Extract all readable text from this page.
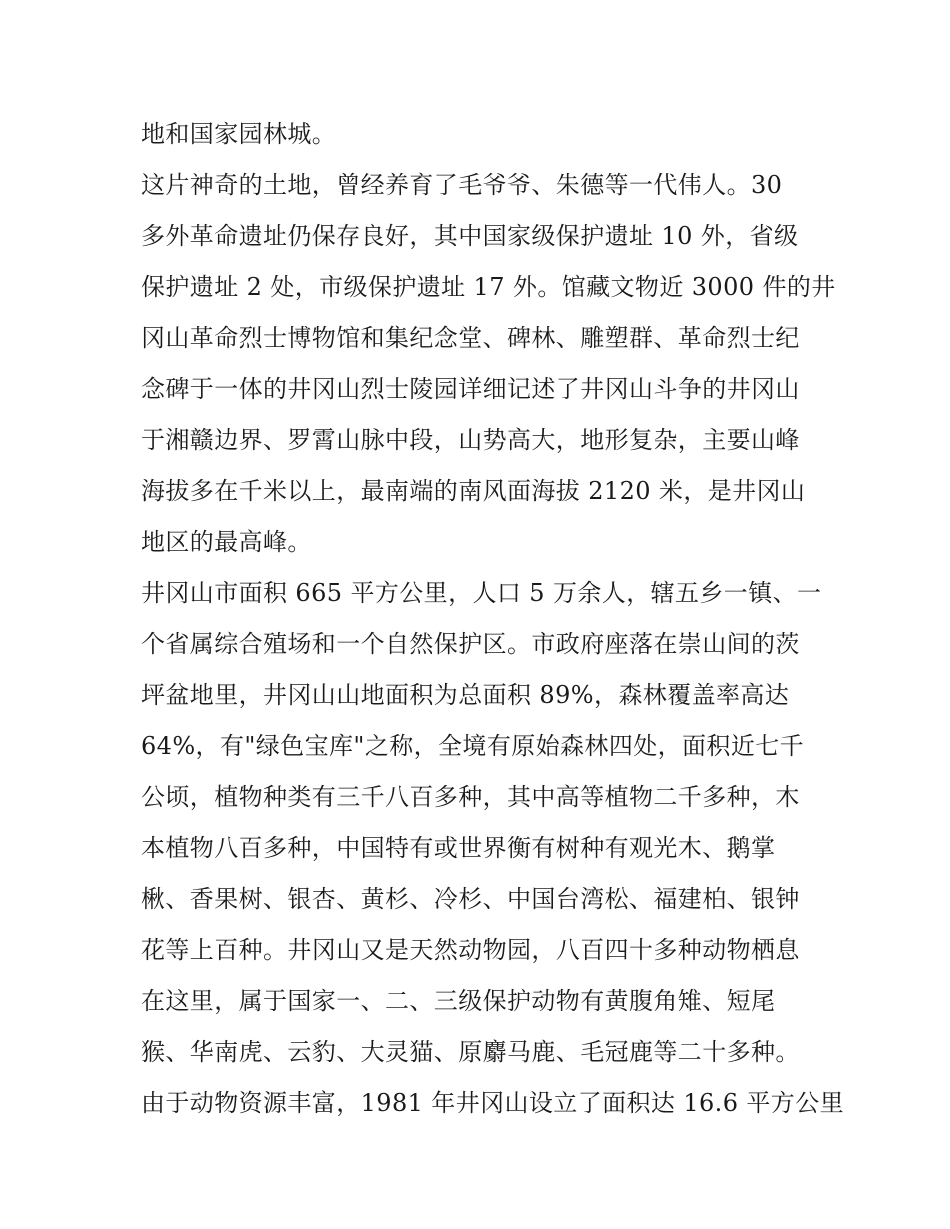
地和国家园林城。
这片神奇的土地，曾经养育了毛爷爷、朱德等一代伟人。30
多外革命遗址仍保存良好，其中国家级保护遗址 10 外，省级
保护遗址 2 处，市级保护遗址 17 外。馆藏文物近 3000 件的井
冈山革命烈士博物馆和集纪念堂、碑林、雕塑群、革命烈士纪
念碑于一体的井冈山烈士陵园详细记述了井冈山斗争的井冈山
于湘赣边界、罗霄山脉中段，山势高大，地形复杂，主要山峰
海拔多在千米以上，最南端的南风面海拔 2120 米，是井冈山
地区的最高峰。
井冈山市面积 665 平方公里，人口 5 万余人，辖五乡一镇、一
个省属综合殖场和一个自然保护区。市政府座落在崇山间的茨
坪盆地里，井冈山山地面积为总面积 89%，森林覆盖率高达
64%，有"绿色宝库"之称，全境有原始森林四处，面积近七千
公顷，植物种类有三千八百多种，其中高等植物二千多种，木
本植物八百多种，中国特有或世界衡有树种有观光木、鹅掌
楸、香果树、银杏、黄杉、冷杉、中国台湾松、福建柏、银钟
花等上百种。井冈山又是天然动物园，八百四十多种动物栖息
在这里，属于国家一、二、三级保护动物有黄腹角雉、短尾
猴、华南虎、云豹、大灵猫、原麝马鹿、毛冠鹿等二十多种。
由于动物资源丰富，1981 年井冈山设立了面积达 16.6 平方公里
